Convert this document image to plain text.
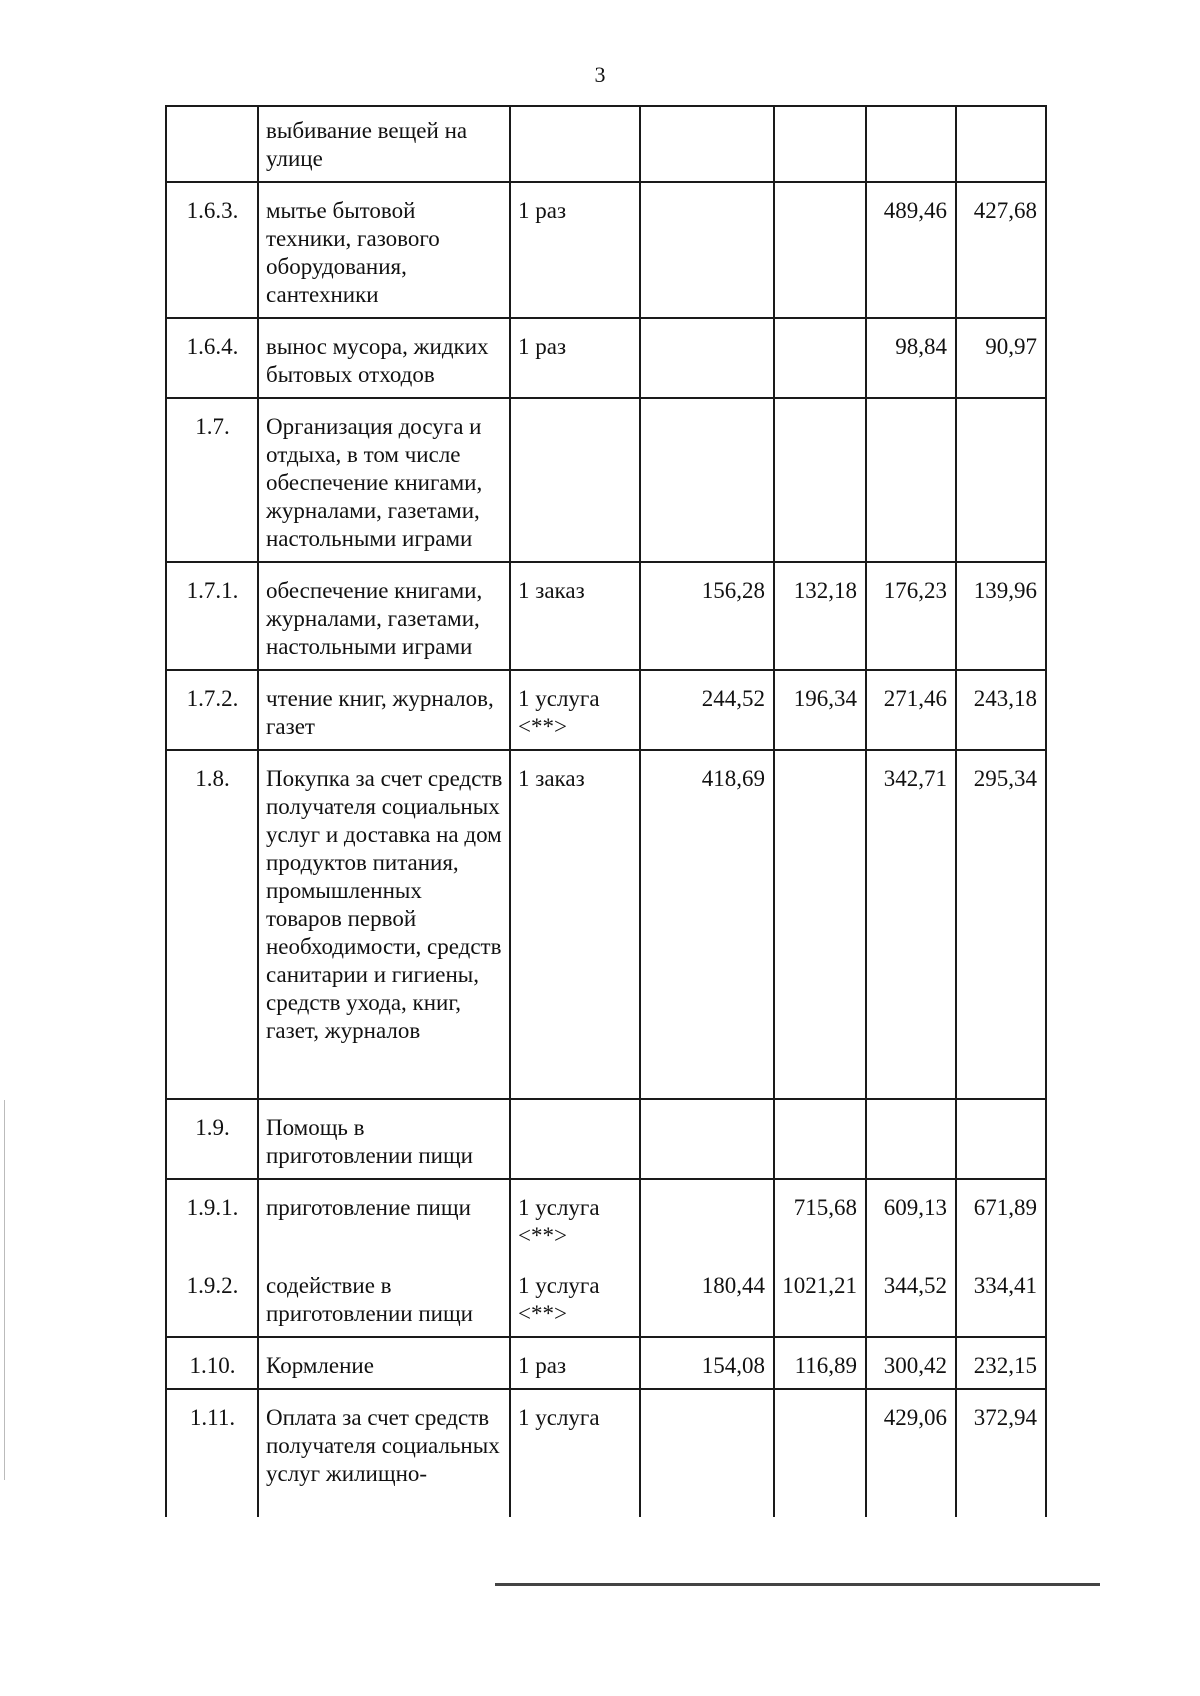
3
	выбивание вещей на улице					
1.6.3.	мытье бытовой техники, газового оборудования, сантехники	1 раз			489,46	427,68
1.6.4.	вынос мусора, жидких бытовых отходов	1 раз			98,84	90,97
1.7.	Организация досуга и отдыха, в том числе обеспечение книгами, журналами, газетами, настольными играми					
1.7.1.	обеспечение книгами, журналами, газетами, настольными играми	1 заказ	156,28	132,18	176,23	139,96
1.7.2.	чтение книг, журналов, газет	1 услуга <**>	244,52	196,34	271,46	243,18
1.8.	Покупка за счет средств получателя социальных услуг и доставка на дом продуктов питания, промышленных товаров первой необходимости, средств санитарии и гигиены, средств ухода, книг, газет, журналов	1 заказ	418,69		342,71	295,34
1.9.	Помощь в приготовлении пищи					
1.9.1.	приготовление пищи	1 услуга <**>		715,68	609,13	671,89
1.9.2.	содействие в приготовлении пищи	1 услуга <**>	180,44	1021,21	344,52	334,41
1.10.	Кормление	1 раз	154,08	116,89	300,42	232,15
1.11.	Оплата за счет средств получателя социальных услуг жилищно-	1 услуга			429,06	372,94
